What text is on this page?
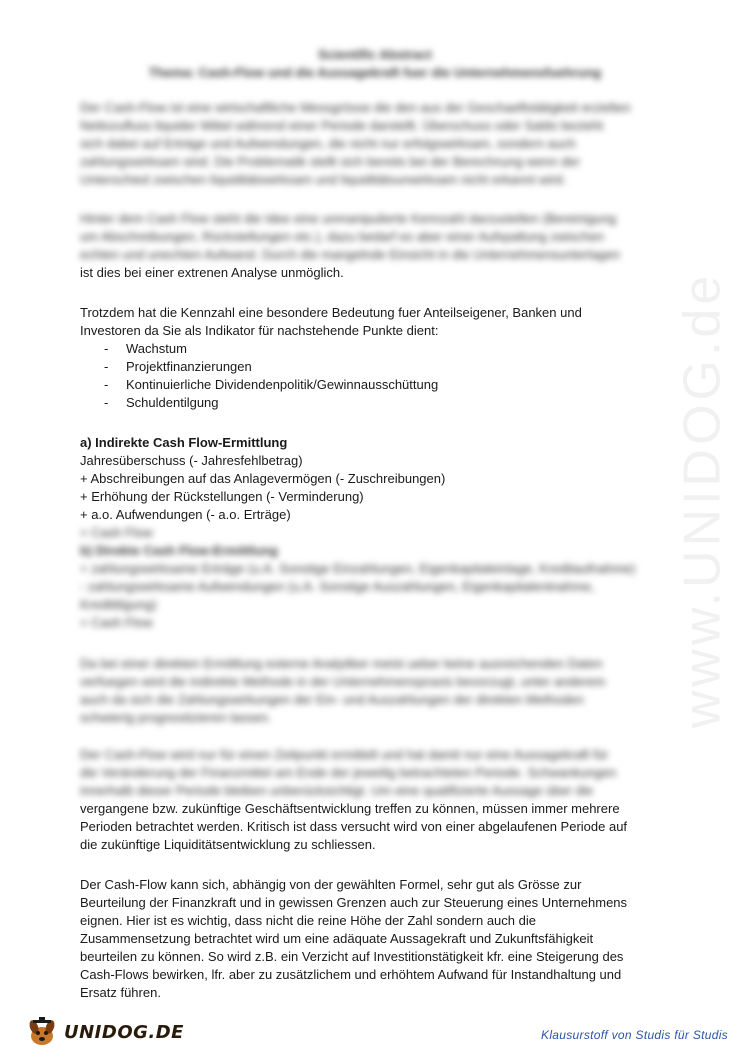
www.UNIDOG.de
Scientific Abstract
Thema: Cash-Flow und die Aussagekraft fuer die Unternehmensfuehrung
Der Cash-Flow ist eine wirtschaftliche Messgrösse die den aus der Geschaeftstätigkeit erzielten
Nettozufluss liquider Mittel während einer Periode darstellt. Überschuss oder Saldo bezieht
sich dabei auf Erträge und Aufwendungen, die nicht nur erfolgswirksam, sondern auch
zahlungswirksam sind. Die Problematik stellt sich bereits bei der Berechnung wenn der
Unterschied zwischen liquiditätswirksam und liquiditätsunwirksam nicht erkannt wird.
Hinter dem Cash Flow steht die Idee eine unmanipulierte Kennzahl darzustellen (Bereinigung
um Abschreibungen, Rückstellungen etc.), dazu bedarf es aber einer Aufspaltung zwischen
echten und unechten Aufwand. Durch die mangelnde Einsicht in die Unternehmensunterlagen
ist dies bei einer extrenen Analyse unmöglich.
Trotzdem hat die Kennzahl eine besondere Bedeutung fuer Anteilseigener, Banken und
Investoren da Sie als Indikator für nachstehende Punkte dient:
-	Wachstum
-	Projektfinanzierungen
-	Kontinuierliche Dividendenpolitik/Gewinnausschüttung
-	Schuldentilgung
a) Indirekte Cash Flow-Ermittlung
Jahresüberschuss (- Jahresfehlbetrag)
+ Abschreibungen auf das Anlagevermögen (- Zuschreibungen)
+ Erhöhung der Rückstellungen (- Verminderung)
+ a.o. Aufwendungen (- a.o. Erträge)
= Cash Flow
b) Direkte Cash Flow-Ermittlung
+ zahlungswirksame Erträge (u.A. Sonstige Einzahlungen, Eigenkapitaleinlage, Kreditaufnahme)
- zahlungswirksame Aufwendungen (u.A. Sonstige Auszahlungen, Eigenkapitalentnahme,
Kredittilgung)
= Cash Flow
Da bei einer direkten Ermittlung externe Analytiker meist ueber keine ausreichenden Daten
verfuegen wird die indirekte Methode in der Unternehmenspraxis bevorzugt, unter anderem
auch da sich die Zahlungswirkungen der Ein- und Auszahlungen der direkten Methoden
schwierig prognostizieren lassen.
Der Cash-Flow wird nur für einen Zeitpunkt ermittelt und hat damit nur eine Aussagekraft für
die Veränderung der Finanzmittel am Ende der jeweilig betrachteten Periode. Schwankungen
innerhalb dieser Periode bleiben unberücksichtigt. Um eine qualifizierte Aussage über die
vergangene bzw. zukünftige Geschäftsentwicklung treffen zu können, müssen immer mehrere
Perioden betrachtet werden. Kritisch ist dass versucht wird von einer abgelaufenen Periode auf
die zukünftige Liquiditätsentwicklung zu schliessen.
Der Cash-Flow kann sich, abhängig von der gewählten Formel, sehr gut als Grösse zur
Beurteilung der Finanzkraft und in gewissen Grenzen auch zur Steuerung eines Unternehmens
eignen. Hier ist es wichtig, dass nicht die reine Höhe der Zahl sondern auch die
Zusammensetzung betrachtet wird um eine adäquate Aussagekraft und Zukunftsfähigkeit
beurteilen zu können. So wird z.B. ein Verzicht auf Investitionstätigkeit kfr. eine Steigerung des
Cash-Flows bewirken, lfr. aber zu zusätzlichem und erhöhtem Aufwand für Instandhaltung und
Ersatz führen.
UNIDOG.DE	Klausurstoff von Studis für Studis
